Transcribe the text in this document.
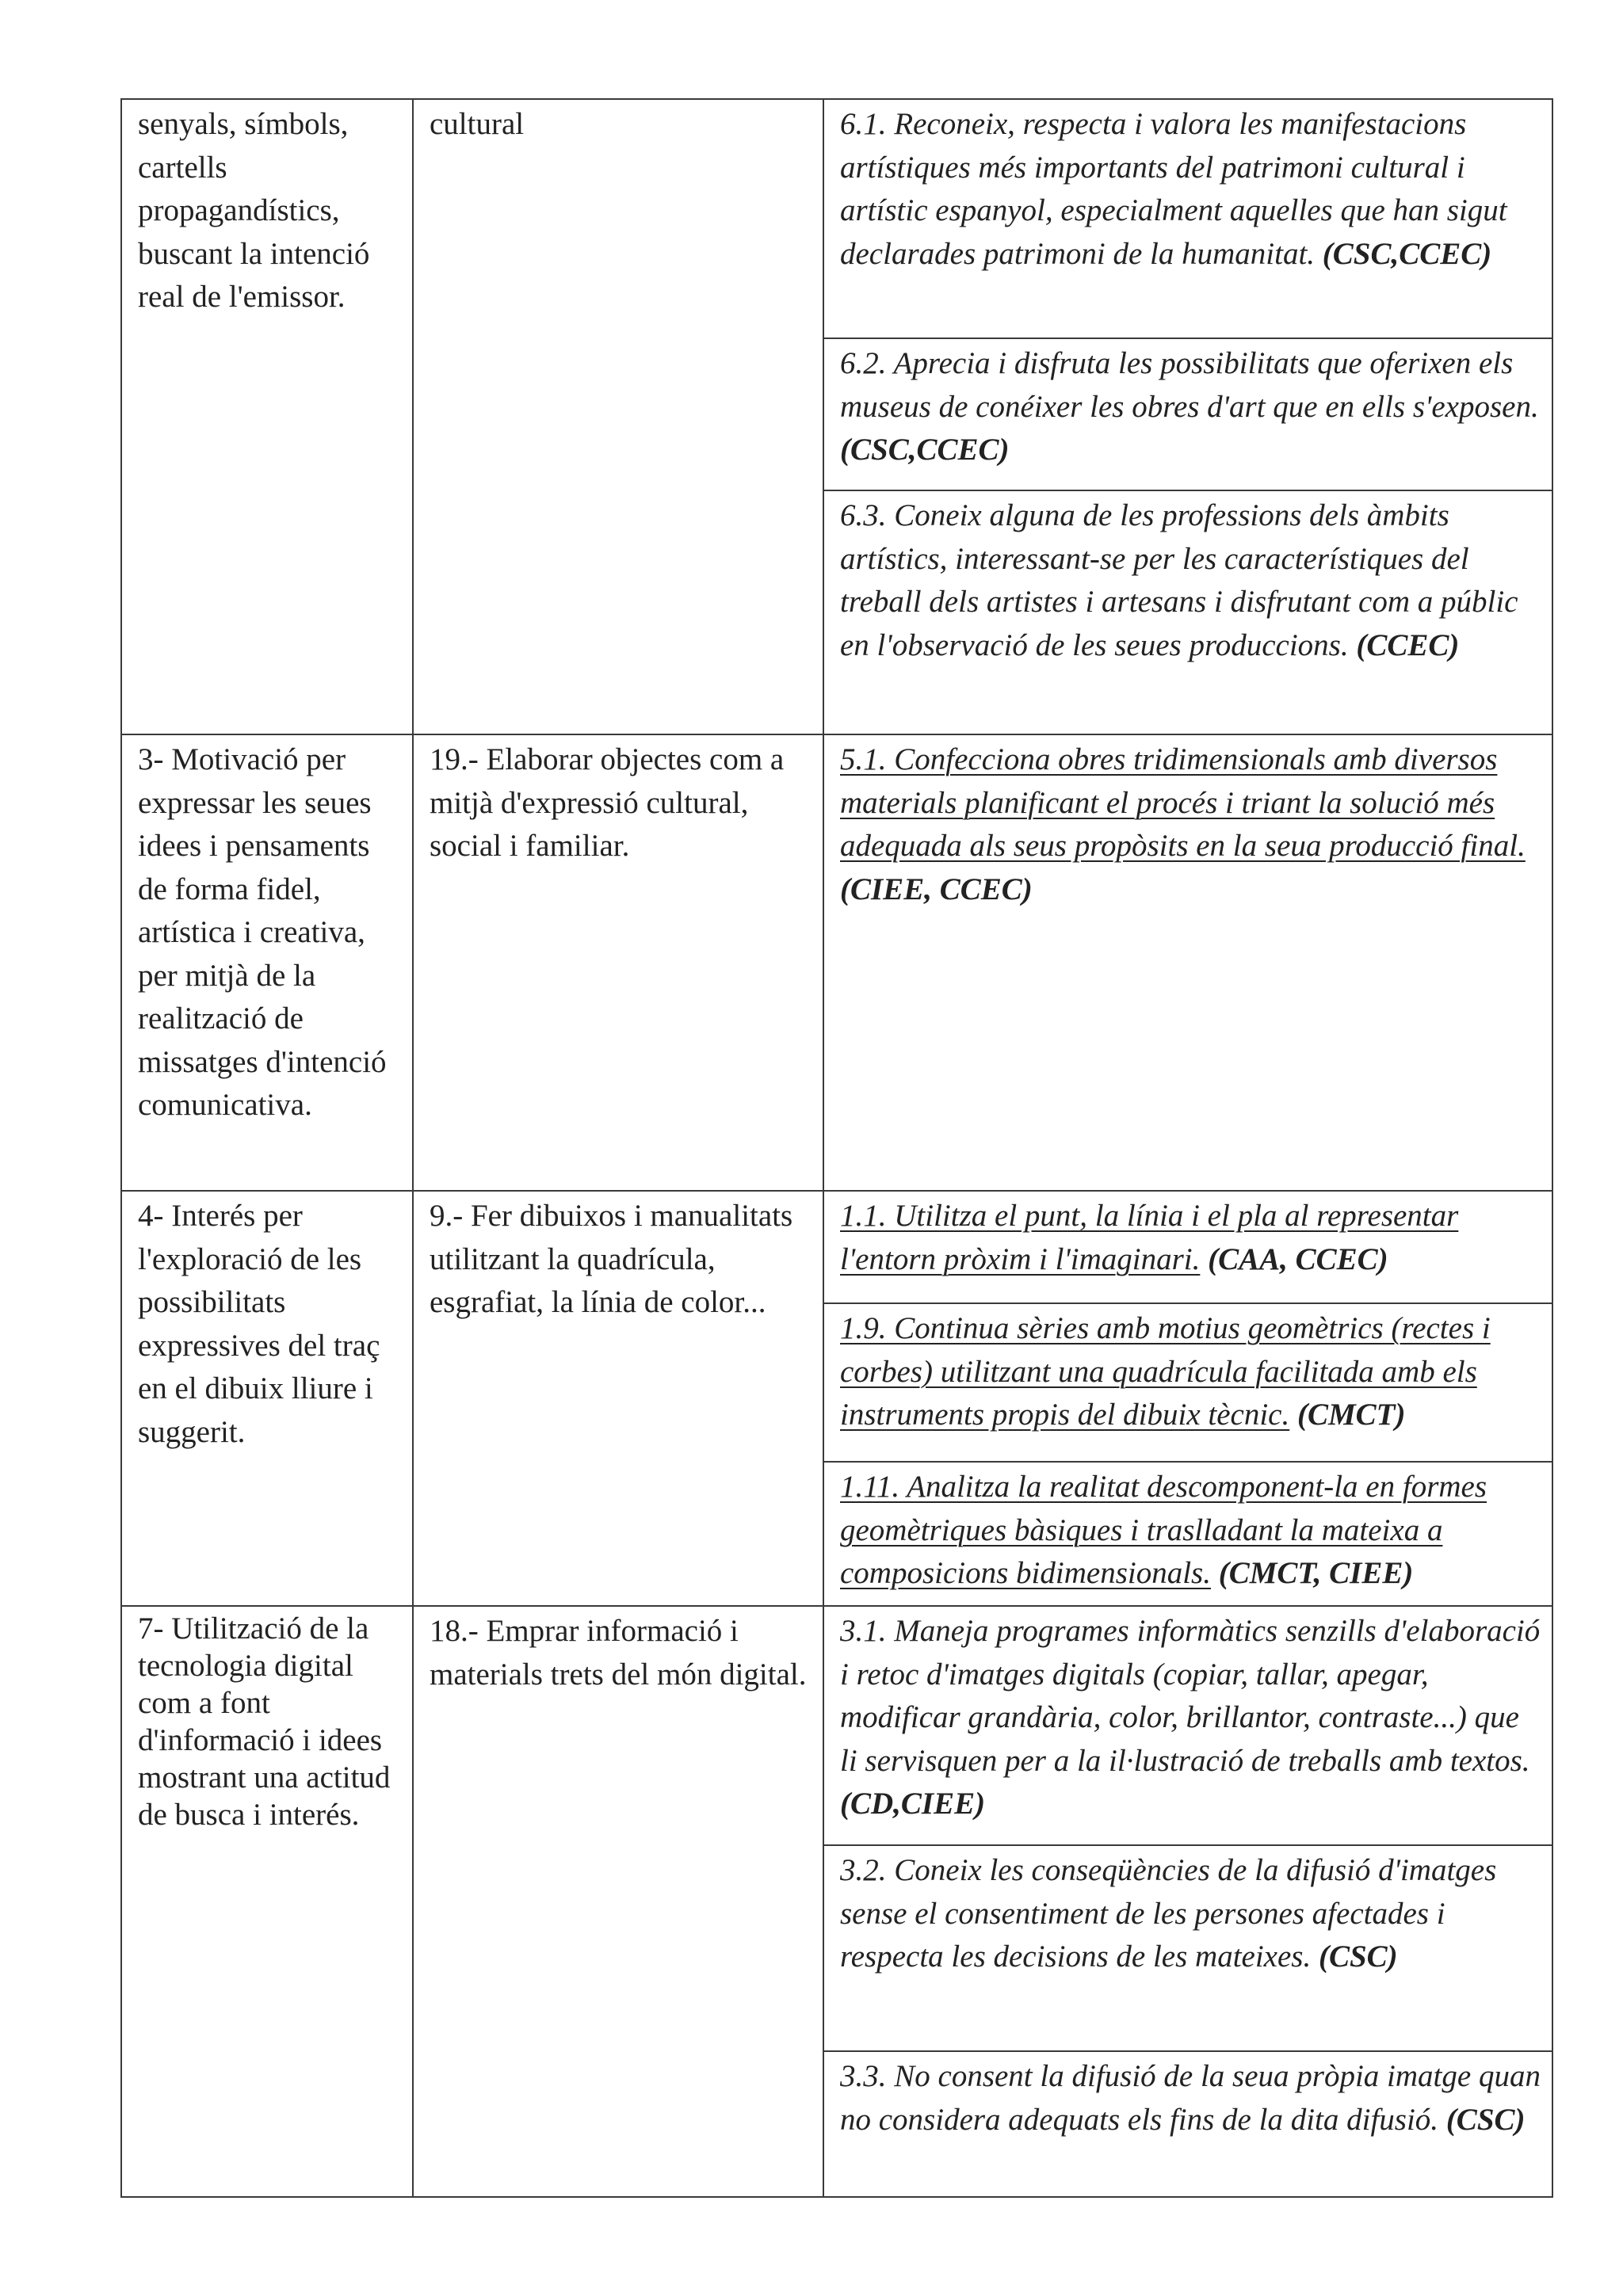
senyals, símbols, cartells propagandístics, buscant la intenció real de l'emissor.	cultural	6.1. Reconeix, respecta i valora les manifestacions artístiques més importants del patrimoni cultural i artístic espanyol, especialment aquelles que han sigut declarades patrimoni de la humanitat. (CSC,CCEC)
6.2. Aprecia i disfruta les possibilitats que oferixen els museus de conéixer les obres d'art que en ells s'exposen. (CSC,CCEC)
6.3. Coneix alguna de les professions dels àmbits artístics, interessant-se per les característiques del treball dels artistes i artesans i disfrutant com a públic en l'observació de les seues produccions. (CCEC)

3- Motivació per expressar les seues idees i pensaments de forma fidel, artística i creativa, per mitjà de la realització de missatges d'intenció comunicativa.	19.- Elaborar objectes com a mitjà d'expressió cultural, social i familiar.	5.1. Confecciona obres tridimensionals amb diversos materials planificant el procés i triant la solució més adequada als seus propòsits en la seua producció final. (CIEE, CCEC)

4- Interés per l'exploració de les possibilitats expressives del traç en el dibuix lliure i suggerit.	9.- Fer dibuixos i manualitats utilitzant la quadrícula, esgrafiat, la línia de color...	1.1. Utilitza el punt, la línia i el pla al representar l'entorn pròxim i l'imaginari. (CAA, CCEC)
1.9. Continua sèries amb motius geomètrics (rectes i corbes) utilitzant una quadrícula facilitada amb els instruments propis del dibuix tècnic. (CMCT)
1.11. Analitza la realitat descomponent-la en formes geomètriques bàsiques i traslladant la mateixa a composicions bidimensionals. (CMCT, CIEE)

7- Utilització de la tecnologia digital com a font d'informació i idees mostrant una actitud de busca i interés.	18.- Emprar informació i materials trets del món digital.	3.1. Maneja programes informàtics senzills d'elaboració i retoc d'imatges digitals (copiar, tallar, apegar, modificar grandària, color, brillantor, contraste...) que li servisquen per a la il·lustració de treballs amb textos. (CD,CIEE)
3.2. Coneix les conseqüències de la difusió d'imatges sense el consentiment de les persones afectades i respecta les decisions de les mateixes. (CSC)
3.3. No consent la difusió de la seua pròpia imatge quan no considera adequats els fins de la dita difusió. (CSC)
